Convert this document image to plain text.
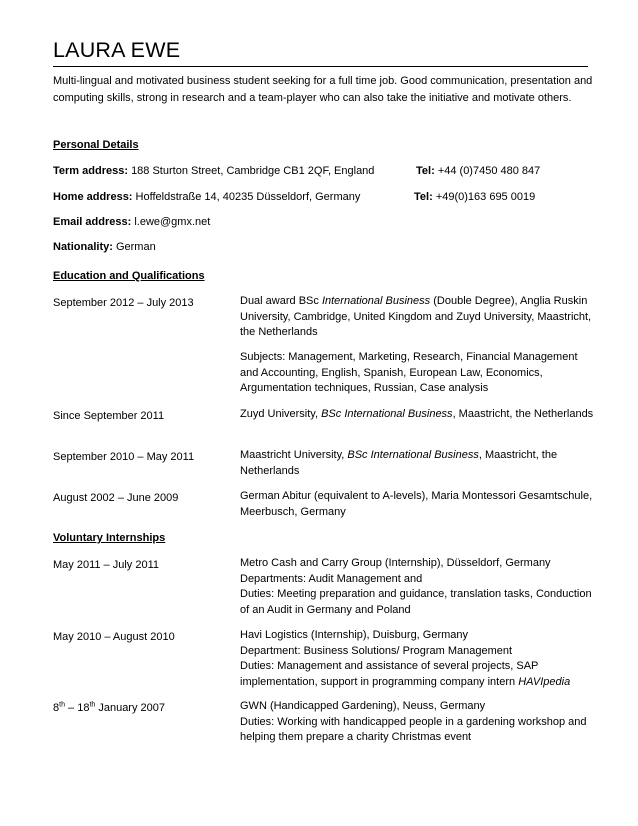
LAURA EWE
Multi-lingual and motivated business student seeking for a full time job. Good communication, presentation and computing skills, strong in research and a team-player who can also take the initiative and motivate others.
Personal Details
Term address: 188 Sturton Street, Cambridge CB1 2QF, England	Tel: +44 (0)7450 480 847
Home address: Hoffeldstraße 14, 40235 Düsseldorf, Germany	Tel: +49(0)163 695 0019
Email address: l.ewe@gmx.net
Nationality: German
Education and Qualifications
September 2012 – July 2013	Dual award BSc International Business (Double Degree), Anglia Ruskin University, Cambridge, United Kingdom and Zuyd University, Maastricht, the Netherlands
Subjects: Management, Marketing, Research, Financial Management and Accounting, English, Spanish, European Law, Economics, Argumentation techniques, Russian, Case analysis
Since September 2011	Zuyd University, BSc International Business, Maastricht, the Netherlands
September 2010 – May 2011	Maastricht University, BSc International Business, Maastricht, the Netherlands
August 2002 – June 2009	German Abitur (equivalent to A-levels), Maria Montessori Gesamtschule, Meerbusch, Germany
Voluntary Internships
May 2011 – July 2011	Metro Cash and Carry Group (Internship), Düsseldorf, Germany
Departments: Audit Management and
Duties: Meeting preparation and guidance, translation tasks, Conduction of an Audit in Germany and Poland
May 2010 – August 2010	Havi Logistics (Internship), Duisburg, Germany
Department: Business Solutions/ Program Management
Duties: Management and assistance of several projects, SAP implementation, support in programming company intern HAVIpedia
8th – 18th January 2007	GWN (Handicapped Gardening), Neuss, Germany
Duties: Working with handicapped people in a gardening workshop and helping them prepare a charity Christmas event
